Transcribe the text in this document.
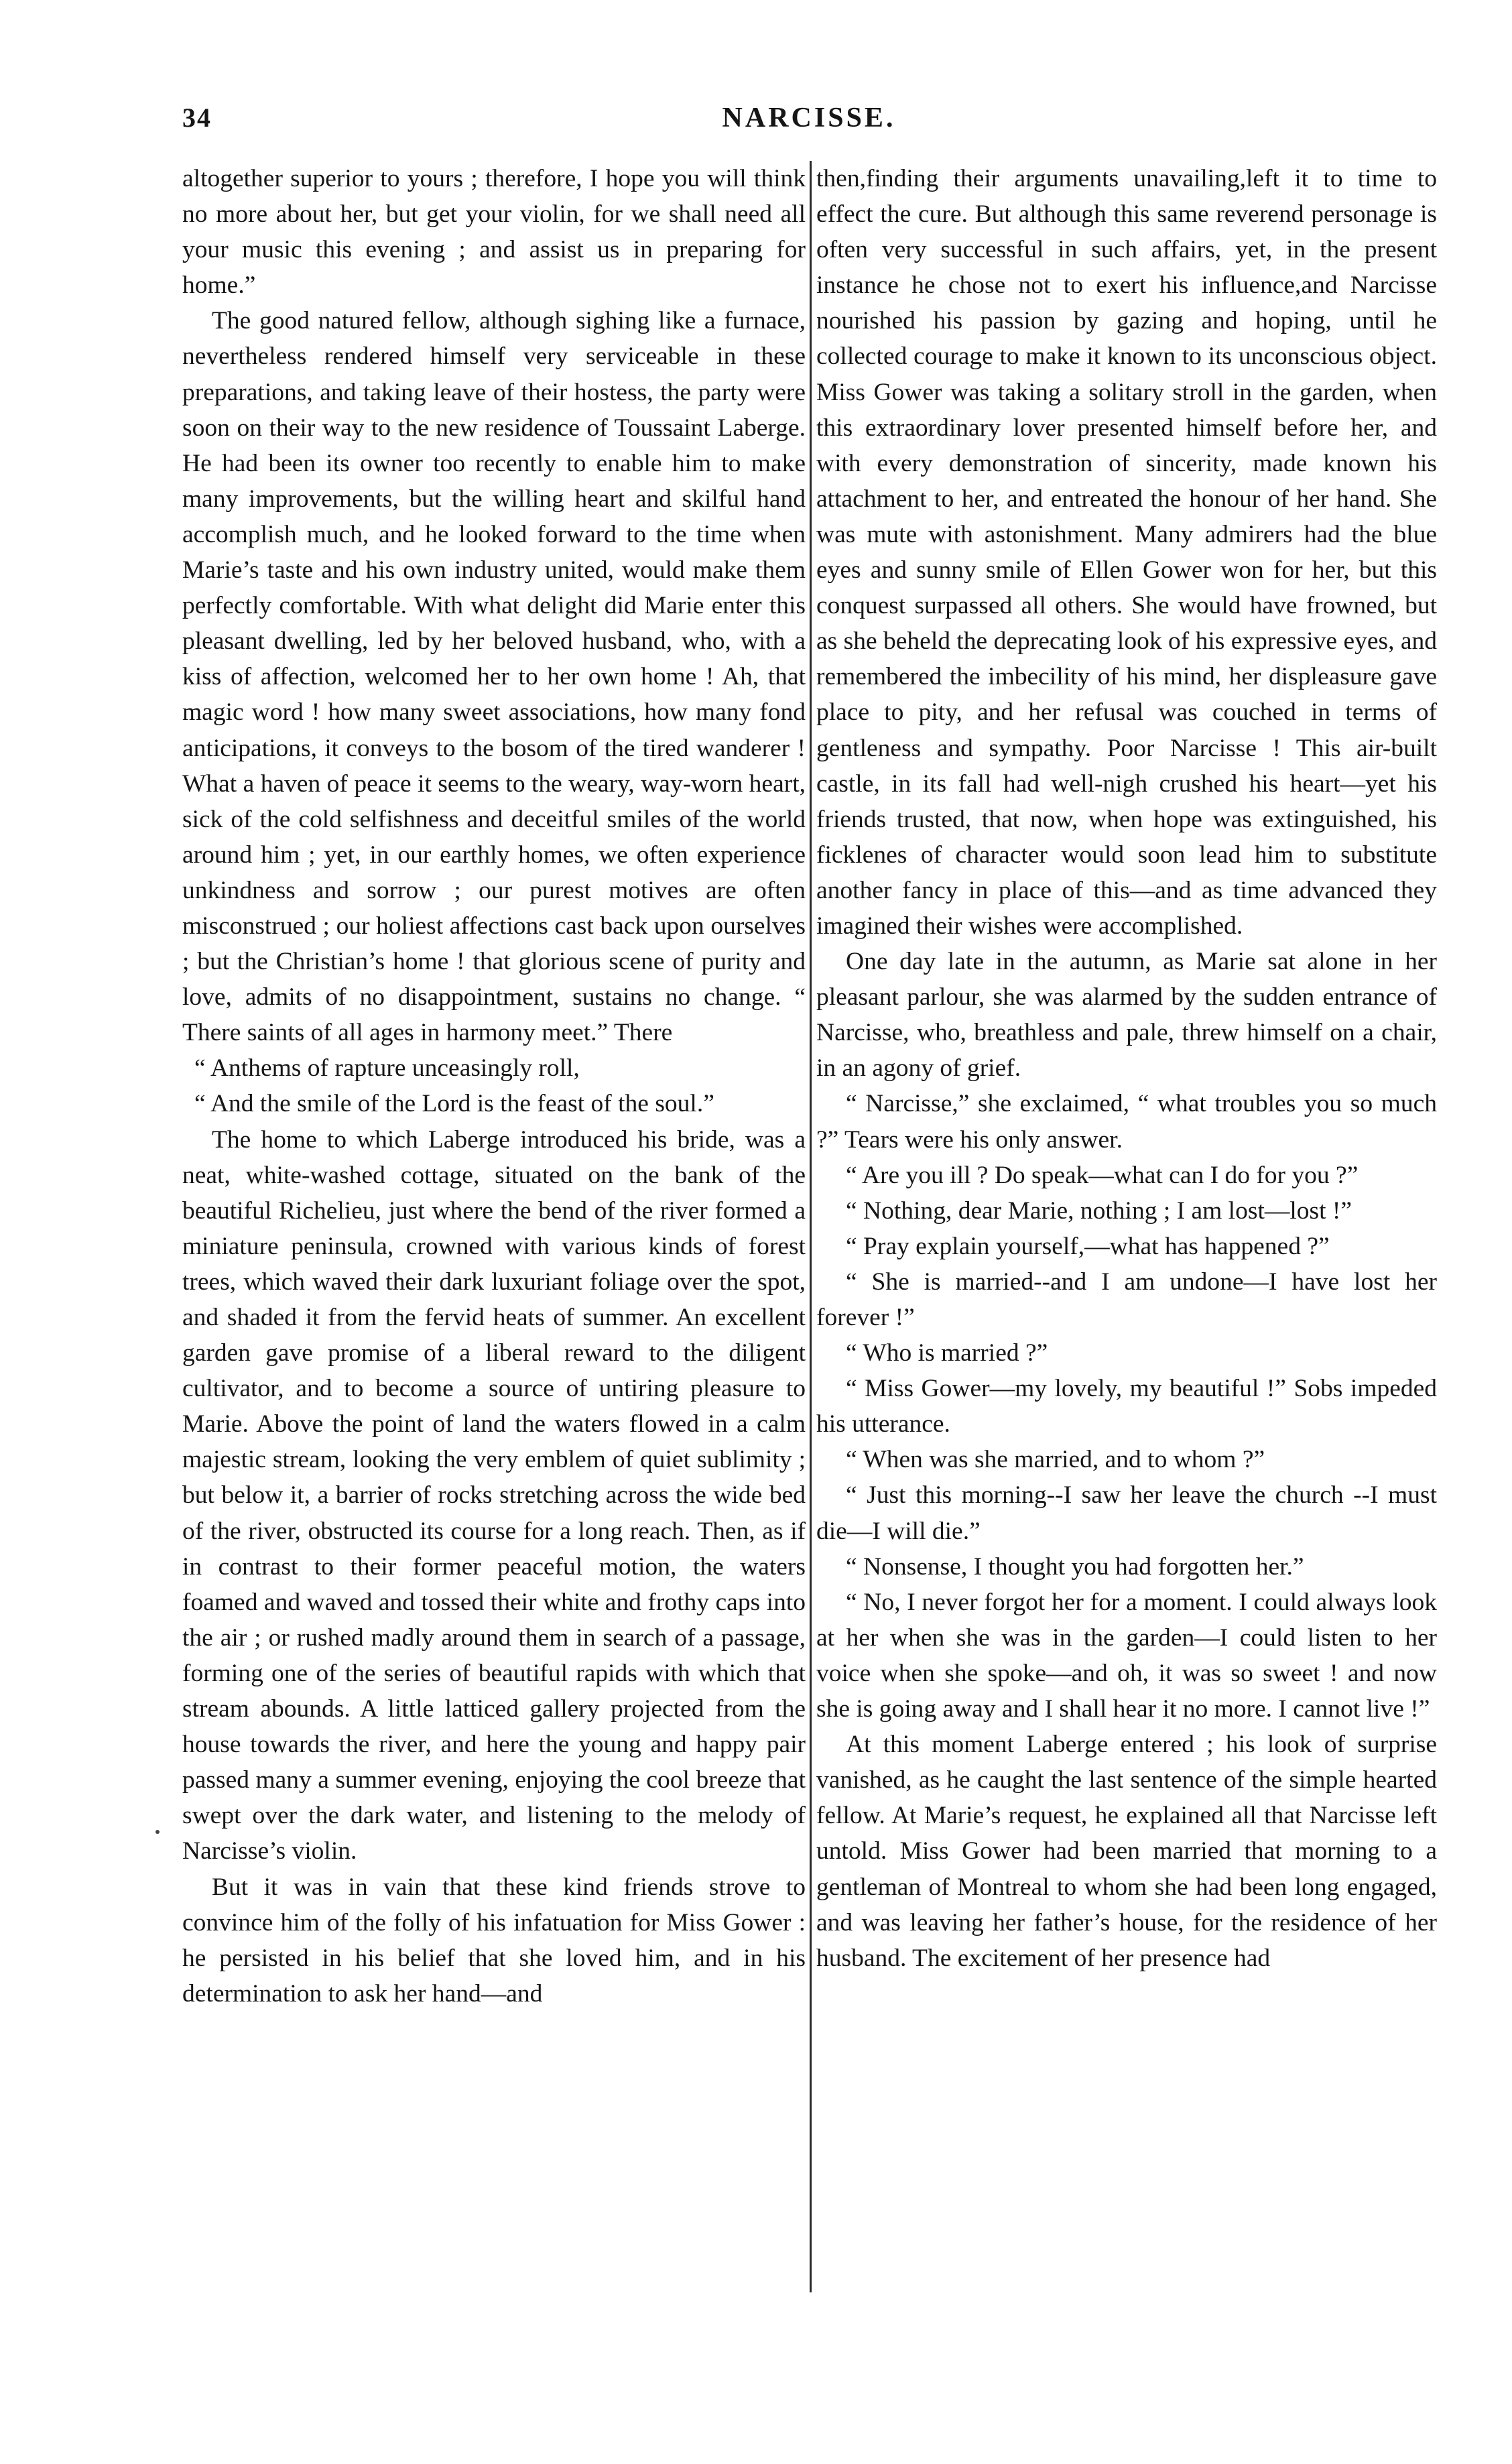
34	NARCISSE.

altogether superior to yours ; therefore, I hope you will think no more about her, but get your violin, for we shall need all your music this evening ; and assist us in preparing for home.”

The good natured fellow, although sighing like a furnace, nevertheless rendered himself very serviceable in these preparations, and taking leave of their hostess, the party were soon on their way to the new residence of Toussaint Laberge. He had been its owner too recently to enable him to make many improvements, but the willing heart and skilful hand accomplish much, and he looked forward to the time when Marie’s taste and his own industry united, would make them perfectly comfortable. With what delight did Marie enter this pleasant dwelling, led by her beloved husband, who, with a kiss of affection, welcomed her to her own home ! Ah, that magic word ! how many sweet associations, how many fond anticipations, it conveys to the bosom of the tired wanderer ! What a haven of peace it seems to the weary, way-worn heart, sick of the cold selfishness and deceitful smiles of the world around him ; yet, in our earthly homes, we often experience unkindness and sorrow ; our purest motives are often misconstrued ; our holiest affections cast back upon ourselves ; but the Christian’s home ! that glorious scene of purity and love, admits of no disappointment, sustains no change. “ There saints of all ages in harmony meet.” There

“ Anthems of rapture unceasingly roll,

“ And the smile of the Lord is the feast of the soul.”

The home to which Laberge introduced his bride, was a neat, white-washed cottage, situated on the bank of the beautiful Richelieu, just where the bend of the river formed a miniature peninsula, crowned with various kinds of forest trees, which waved their dark luxuriant foliage over the spot, and shaded it from the fervid heats of summer. An excellent garden gave promise of a liberal reward to the diligent cultivator, and to become a source of untiring pleasure to Marie. Above the point of land the waters flowed in a calm majestic stream, looking the very emblem of quiet sublimity ; but below it, a barrier of rocks stretching across the wide bed of the river, obstructed its course for a long reach. Then, as if in contrast to their former peaceful motion, the waters foamed and waved and tossed their white and frothy caps into the air ; or rushed madly around them in search of a passage, forming one of the series of beautiful rapids with which that stream abounds. A little latticed gallery projected from the house towards the river, and here the young and happy pair passed many a summer evening, enjoying the cool breeze that swept over the dark water, and listening to the melody of Narcisse’s violin.

But it was in vain that these kind friends strove to convince him of the folly of his infatuation for Miss Gower : he persisted in his belief that she loved him, and in his determination to ask her hand—and

then,finding their arguments unavailing,left it to time to effect the cure. But although this same reverend personage is often very successful in such affairs, yet, in the present instance he chose not to exert his influence,and Narcisse nourished his passion by gazing and hoping, until he collected courage to make it known to its unconscious object. Miss Gower was taking a solitary stroll in the garden, when this extraordinary lover presented himself before her, and with every demonstration of sincerity, made known his attachment to her, and entreated the honour of her hand. She was mute with astonishment. Many admirers had the blue eyes and sunny smile of Ellen Gower won for her, but this conquest surpassed all others. She would have frowned, but as she beheld the deprecating look of his expressive eyes, and remembered the imbecility of his mind, her displeasure gave place to pity, and her refusal was couched in terms of gentleness and sympathy. Poor Narcisse ! This air-built castle, in its fall had well-nigh crushed his heart—yet his friends trusted, that now, when hope was extinguished, his ficklenes of character would soon lead him to substitute another fancy in place of this—and as time advanced they imagined their wishes were accomplished.

One day late in the autumn, as Marie sat alone in her pleasant parlour, she was alarmed by the sudden entrance of Narcisse, who, breathless and pale, threw himself on a chair, in an agony of grief.

“ Narcisse,” she exclaimed, “ what troubles you so much ?” Tears were his only answer.

“ Are you ill ? Do speak—what can I do for you ?”

“ Nothing, dear Marie, nothing ; I am lost—lost !”

“ Pray explain yourself,—what has happened ?”

“ She is married--and I am undone—I have lost her forever !”

“ Who is married ?”

“ Miss Gower—my lovely, my beautiful !” Sobs impeded his utterance.

“ When was she married, and to whom ?”

“ Just this morning--I saw her leave the church --I must die—I will die.”

“ Nonsense, I thought you had forgotten her.”

“ No, I never forgot her for a moment. I could always look at her when she was in the garden—I could listen to her voice when she spoke—and oh, it was so sweet ! and now she is going away and I shall hear it no more. I cannot live !”

At this moment Laberge entered ; his look of surprise vanished, as he caught the last sentence of the simple hearted fellow. At Marie’s request, he explained all that Narcisse left untold. Miss Gower had been married that morning to a gentleman of Montreal to whom she had been long engaged, and was leaving her father’s house, for the residence of her husband. The excitement of her presence had
